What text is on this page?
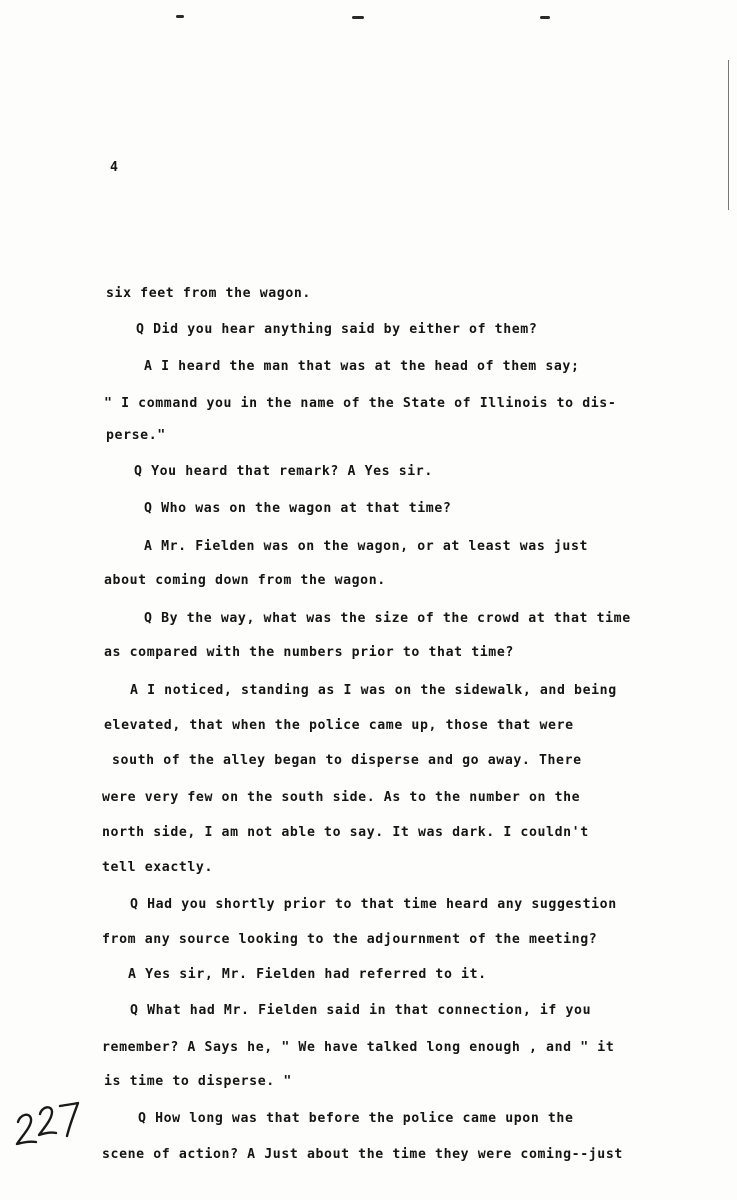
4
six feet from the wagon.
Q Did you hear anything said by either of them?
A I heard the man that was at the head of them say;
" I command you in the name of the State of Illinois to dis-
perse."
Q You heard that remark? A Yes sir.
Q Who was on the wagon at that time?
A Mr. Fielden was on the wagon, or at least was just
about coming down from the wagon.
Q By the way, what was the size of the crowd at that time
as compared with the numbers prior to that time?
A I noticed, standing as I was on the sidewalk, and being
elevated, that when the police came up, those that were
south of the alley began to disperse and go away. There
were very few on the south side. As to the number on the
north side, I am not able to say. It was dark. I couldn't
tell exactly.
Q Had you shortly prior to that time heard any suggestion
from any source looking to the adjournment of the meeting?
A Yes sir, Mr. Fielden had referred to it.
Q What had Mr. Fielden said in that connection, if you
remember? A Says he, " We have talked long enough , and " it
is time to disperse. "
Q How long was that before the police came upon the
scene of action? A Just about the time they were coming--just
